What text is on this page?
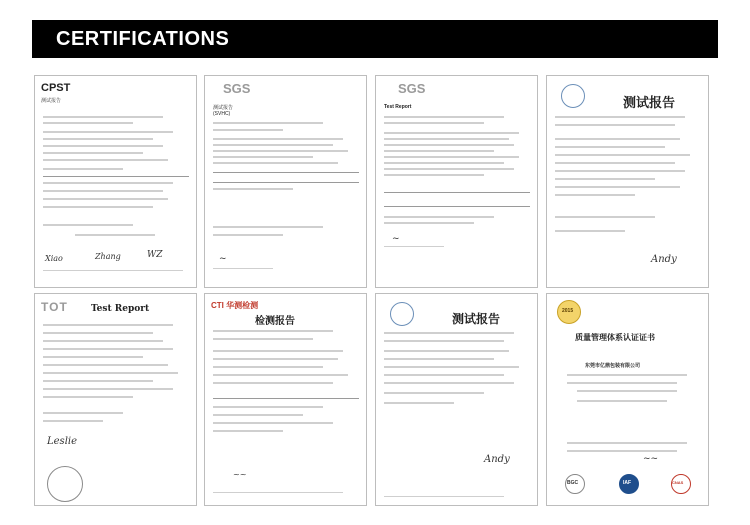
CERTIFICATIONS
CPST
测试报告
Xiao	Zhang	WZ
SGS
测试报告
(SVHC)
~
SGS
Test Report
~
测试报告
Andy
TOT	Test Report
Leslie
CTI 华测检测
检测报告
~~
测试报告
Andy
2015
质量管理体系认证证书
东莞市亿鼎包装有限公司
~~
BGC	IAF	CNAS
